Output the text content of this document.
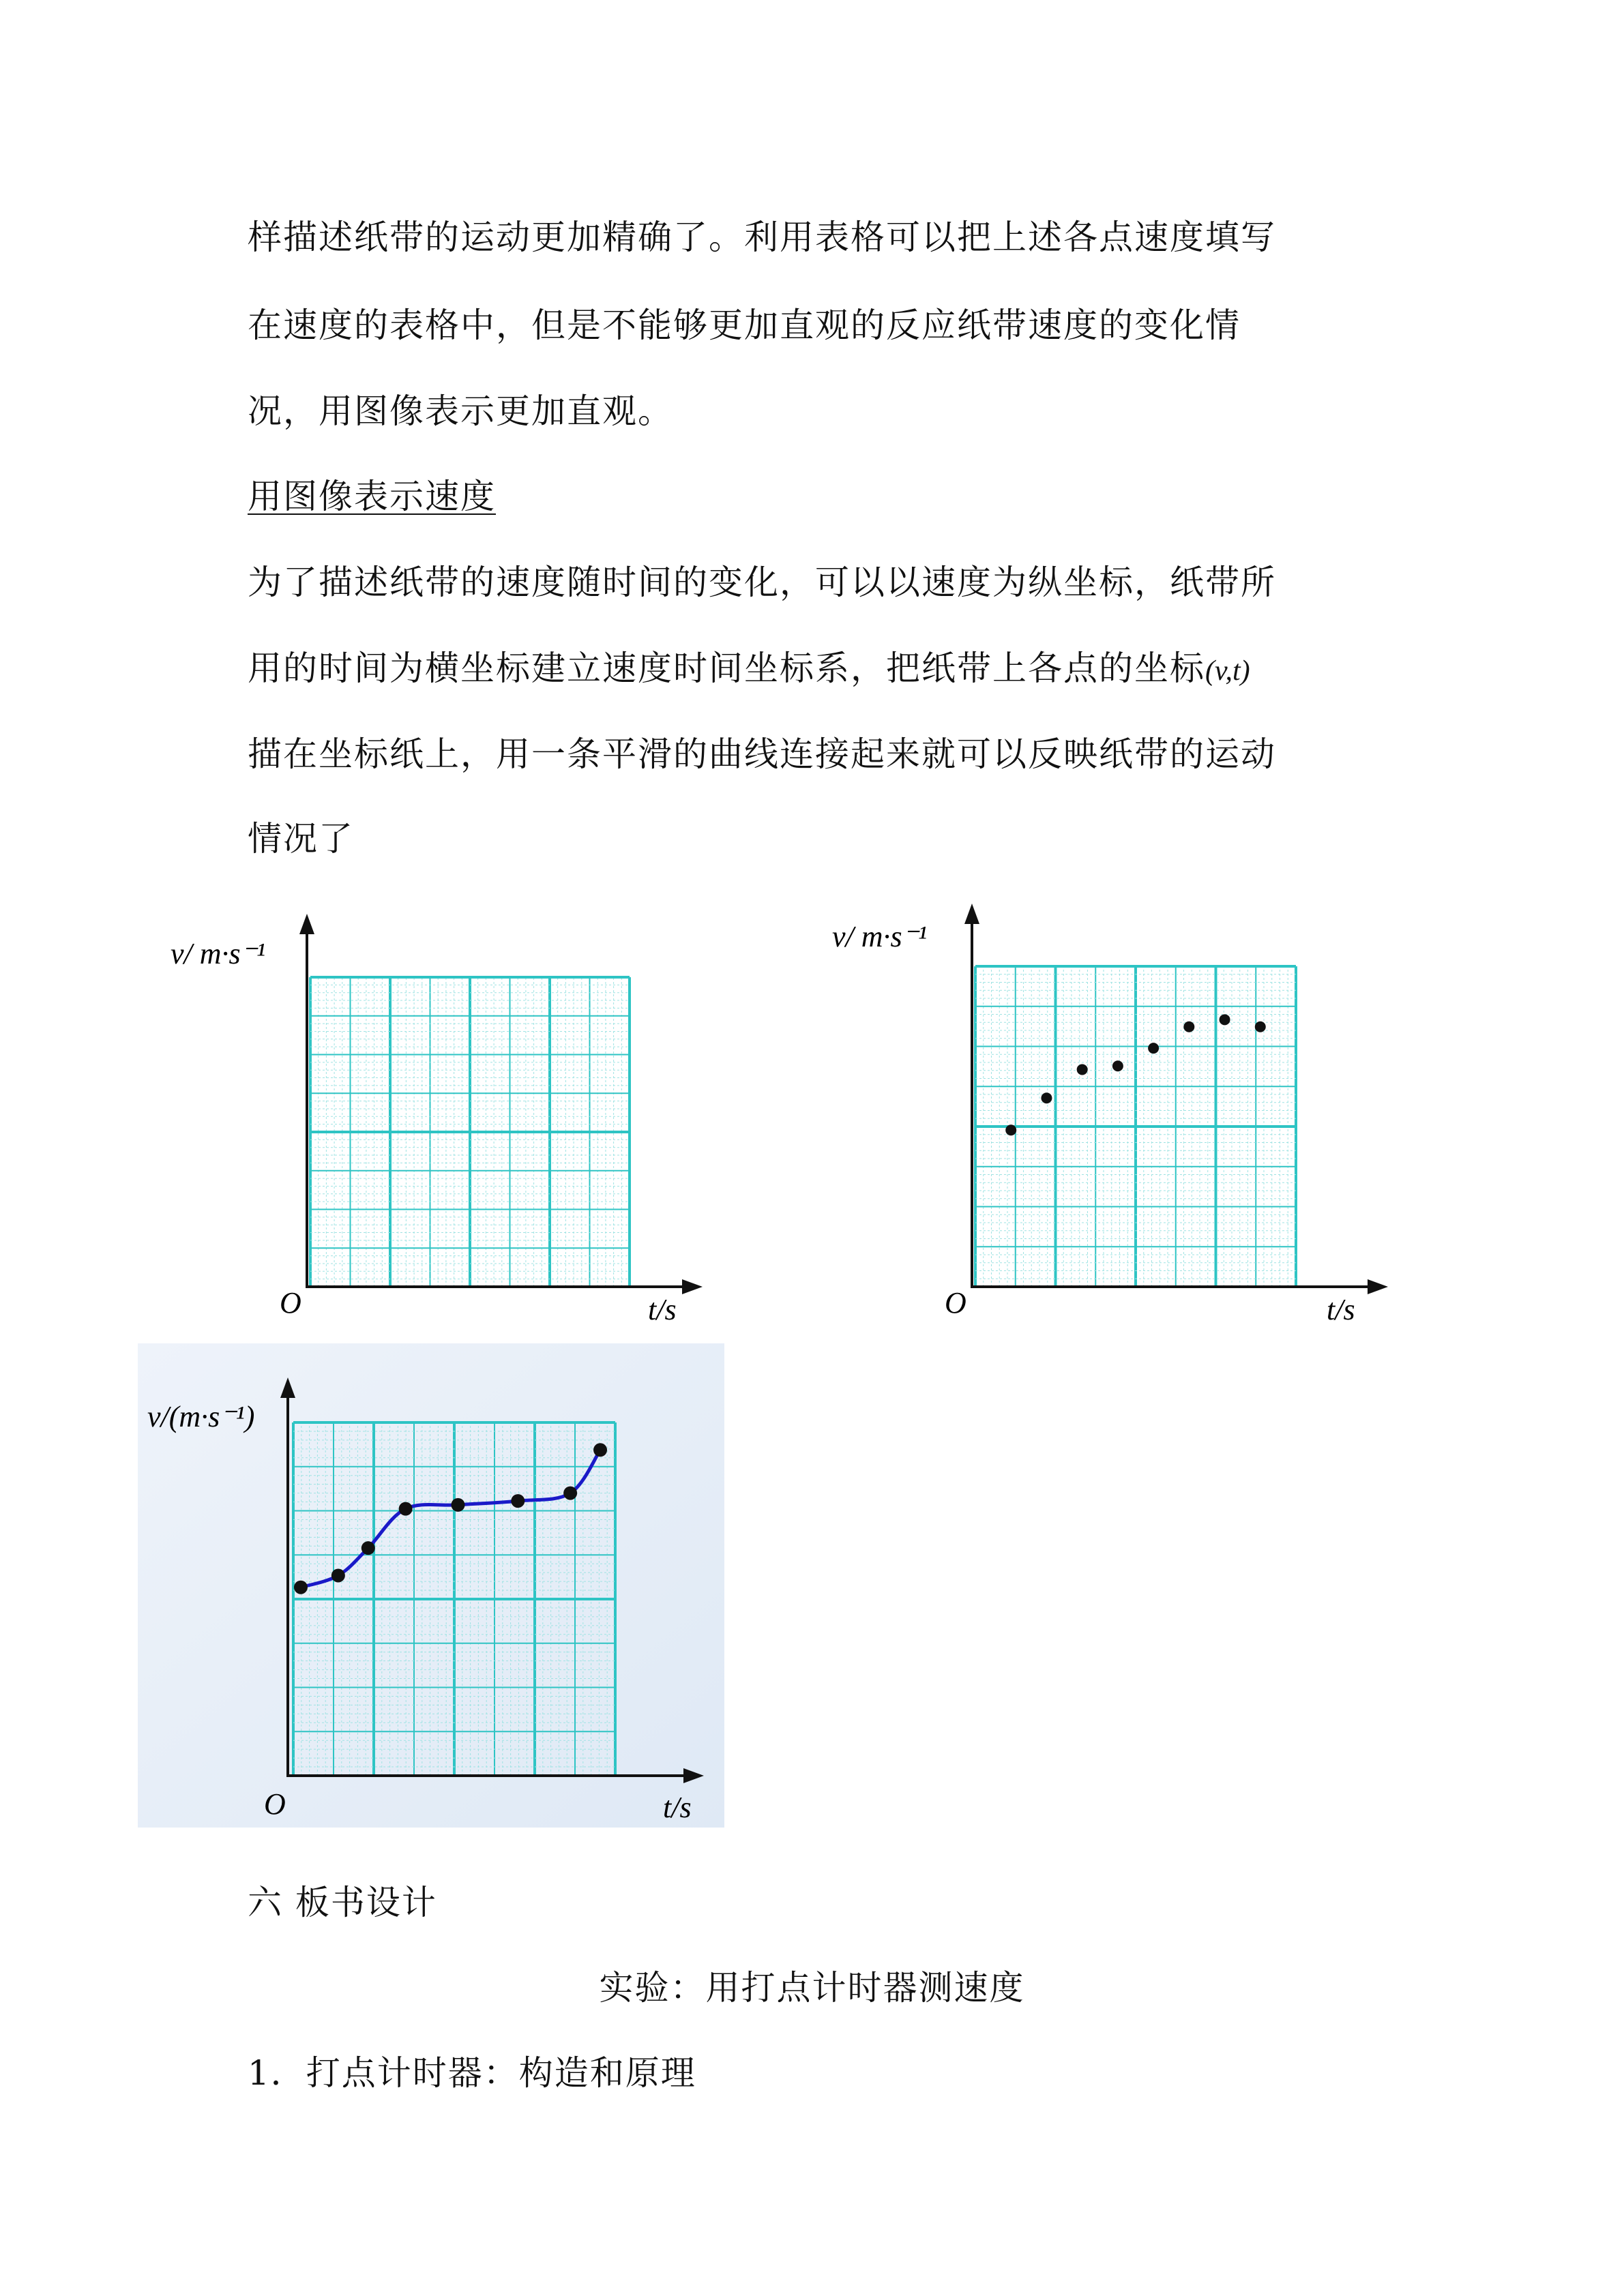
样描述纸带的运动更加精确了。利用表格可以把上述各点速度填写
在速度的表格中，但是不能够更加直观的反应纸带速度的变化情
况，用图像表示更加直观。
用图像表示速度
为了描述纸带的速度随时间的变化，可以以速度为纵坐标，纸带所
用的时间为横坐标建立速度时间坐标系，把纸带上各点的坐标(v,t)
描在坐标纸上，用一条平滑的曲线连接起来就可以反映纸带的运动
情况了
v/ m·s⁻¹
t/s
O
v/ m·s⁻¹
t/s
O
v/(m·s⁻¹)
t/s
O
六 板书设计
实验：用打点计时器测速度
1．打点计时器：构造和原理
